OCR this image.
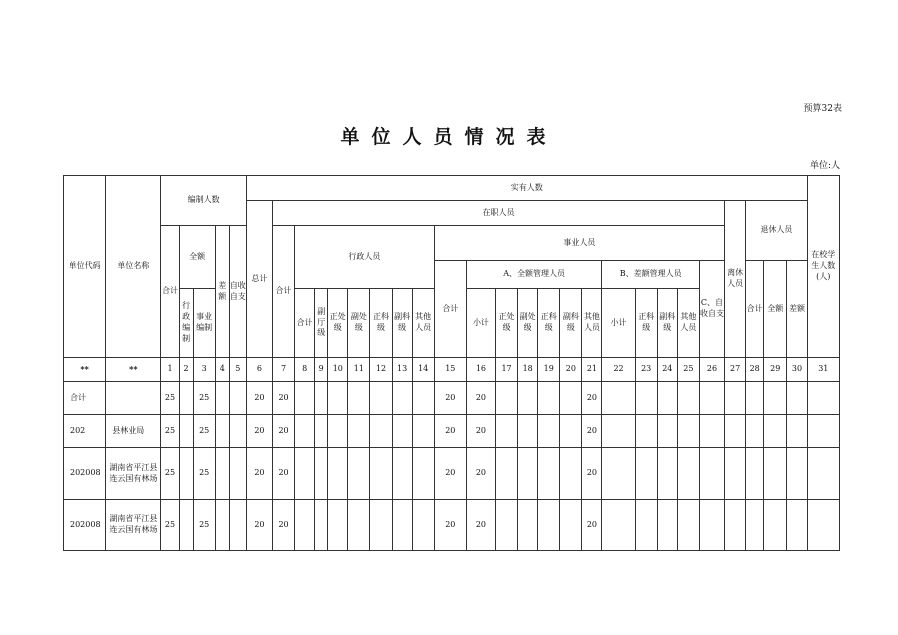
预算32表
单位人员情况表
单位:人
单位代码	单位名称	编制人数					实有人数																									在校学生人数(人)
							总计	在职人员																				离休人员	退休人员			
		合计	全额		差额	自收自支		合计	行政人员							事业人员																
																合计	A、全额管理人员						B、差额管理人员				C、自收自支		合计	全额	差额	
			行政编制	事业编制					合计	副厅级	正处级	副处级	正科级	副科级	其他人员		小计	正处级	副处级	正科级	副科级	其他人员	小计	正科级	副科级	其他人员						

**	**	1	2	3	4	5	6	7	8	9	10	11	12	13	14	15	16	17	18	19	20	21	22	23	24	25	26	27	28	29	30	31
合计		25		25			20	20								20	20					20										
202	县林业局	25		25			20	20								20	20					20										
202008	湖南省平江县连云国有林场	25		25			20	20								20	20					20										
202008	湖南省平江县连云国有林场	25		25			20	20								20	20					20										
